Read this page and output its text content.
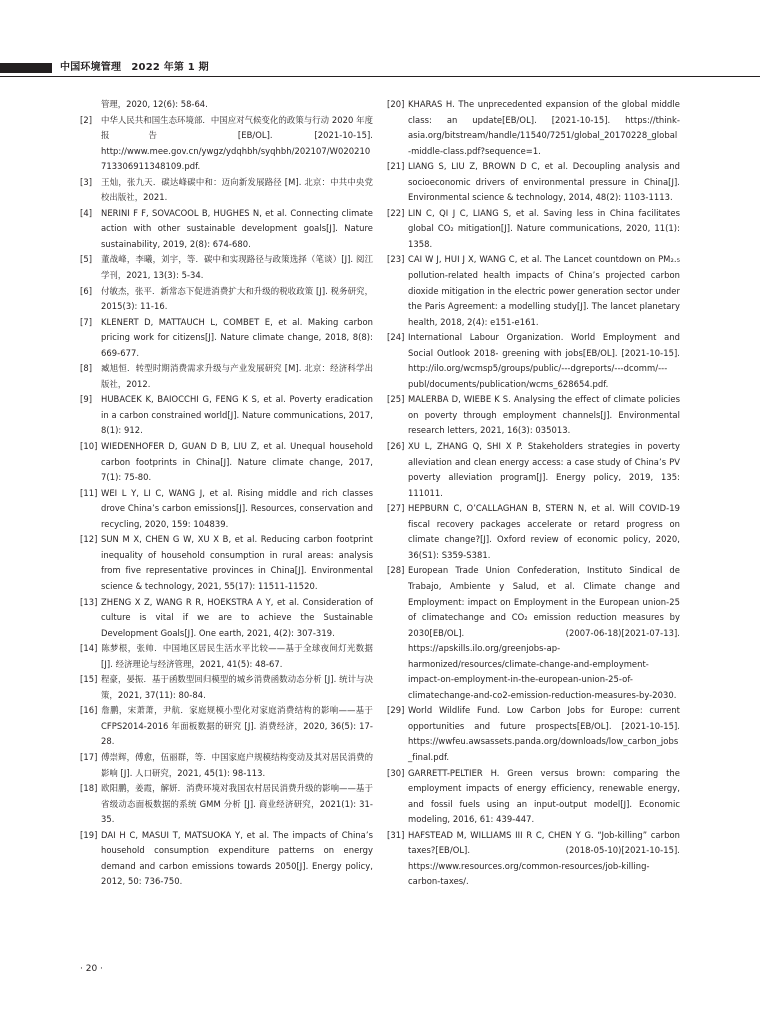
中国环境管理　2022 年第 1 期
管理，2020, 12(6): 58-64.
[2] 中华人民共和国生态环境部．中国应对气候变化的政策与行动 2020 年度报告 [EB/OL]. [2021-10-15]. http://www.mee.gov.cn/ywgz/ydqhbh/syqhbh/202107/W020210713306911348109.pdf.
[3] 王灿，张九天．碳达峰碳中和：迈向新发展路径 [M]. 北京：中共中央党校出版社，2021.
[4] NERINI F F, SOVACOOL B, HUGHES N, et al. Connecting climate action with other sustainable development goals[J]. Nature sustainability, 2019, 2(8): 674-680.
[5] 董战峰，李曦，刘宇，等．碳中和实现路径与政策选择（笔谈）[J]. 阅江学刊，2021, 13(3): 5-34.
[6] 付敏杰，张平．新常态下促进消费扩大和升级的税收政策 [J]. 税务研究，2015(3): 11-16.
[7] KLENERT D, MATTAUCH L, COMBET E, et al. Making carbon pricing work for citizens[J]. Nature climate change, 2018, 8(8): 669-677.
[8] 臧旭恒．转型时期消费需求升级与产业发展研究 [M]. 北京：经济科学出版社，2012.
[9] HUBACEK K, BAIOCCHI G, FENG K S, et al. Poverty eradication in a carbon constrained world[J]. Nature communications, 2017, 8(1): 912.
[10] WIEDENHOFER D, GUAN D B, LIU Z, et al. Unequal household carbon footprints in China[J]. Nature climate change, 2017, 7(1): 75-80.
[11] WEI L Y, LI C, WANG J, et al. Rising middle and rich classes drove China’s carbon emissions[J]. Resources, conservation and recycling, 2020, 159: 104839.
[12] SUN M X, CHEN G W, XU X B, et al. Reducing carbon footprint inequality of household consumption in rural areas: analysis from five representative provinces in China[J]. Environmental science & technology, 2021, 55(17): 11511-11520.
[13] ZHENG X Z, WANG R R, HOEKSTRA A Y, et al. Consideration of culture is vital if we are to achieve the Sustainable Development Goals[J]. One earth, 2021, 4(2): 307-319.
[14] 陈梦根，张帅．中国地区居民生活水平比较——基于全球夜间灯光数据 [J]. 经济理论与经济管理，2021, 41(5): 48-67.
[15] 程豪，晏振．基于函数型回归模型的城乡消费函数动态分析 [J]. 统计与决策，2021, 37(11): 80-84.
[16] 詹鹏，宋萧萧，尹航．家庭规模小型化对家庭消费结构的影响——基于 CFPS2014-2016 年面板数据的研究 [J]. 消费经济，2020, 36(5): 17-28.
[17] 傅崇辉，傅愈，伍丽群，等．中国家庭户规模结构变动及其对居民消费的影响 [J]. 人口研究，2021, 45(1): 98-113.
[18] 欧阳鹏，姜霞，解妍．消费环境对我国农村居民消费升级的影响——基于省级动态面板数据的系统 GMM 分析 [J]. 商业经济研究，2021(1): 31-35.
[19] DAI H C, MASUI T, MATSUOKA Y, et al. The impacts of China’s household consumption expenditure patterns on energy demand and carbon emissions towards 2050[J]. Energy policy, 2012, 50: 736-750.
[20] KHARAS H. The unprecedented expansion of the global middle class: an update[EB/OL]. [2021-10-15]. https://think-asia.org/bitstream/handle/11540/7251/global_20170228_global-middle-class.pdf?sequence=1.
[21] LIANG S, LIU Z, BROWN D C, et al. Decoupling analysis and socioeconomic drivers of environmental pressure in China[J]. Environmental science & technology, 2014, 48(2): 1103-1113.
[22] LIN C, QI J C, LIANG S, et al. Saving less in China facilitates global CO₂ mitigation[J]. Nature communications, 2020, 11(1): 1358.
[23] CAI W J, HUI J X, WANG C, et al. The Lancet countdown on PM₂.₅ pollution-related health impacts of China’s projected carbon dioxide mitigation in the electric power generation sector under the Paris Agreement: a modelling study[J]. The lancet planetary health, 2018, 2(4): e151-e161.
[24] International Labour Organization. World Employment and Social Outlook 2018- greening with jobs[EB/OL]. [2021-10-15]. http://ilo.org/wcmsp5/groups/public/---dgreports/---dcomm/---publ/documents/publication/wcms_628654.pdf.
[25] MALERBA D, WIEBE K S. Analysing the effect of climate policies on poverty through employment channels[J]. Environmental research letters, 2021, 16(3): 035013.
[26] XU L, ZHANG Q, SHI X P. Stakeholders strategies in poverty alleviation and clean energy access: a case study of China’s PV poverty alleviation program[J]. Energy policy, 2019, 135: 111011.
[27] HEPBURN C, O’CALLAGHAN B, STERN N, et al. Will COVID-19 fiscal recovery packages accelerate or retard progress on climate change?[J]. Oxford review of economic policy, 2020, 36(S1): S359-S381.
[28] European Trade Union Confederation, Instituto Sindical de Trabajo, Ambiente y Salud, et al. Climate change and Employment: impact on Employment in the European union-25 of climatechange and CO₂ emission reduction measures by 2030[EB/OL]. (2007-06-18)[2021-07-13]. https://apskills.ilo.org/greenjobs-ap-harmonized/resources/climate-change-and-employment-impact-on-employment-in-the-european-union-25-of-climatechange-and-co2-emission-reduction-measures-by-2030.
[29] World Wildlife Fund. Low Carbon Jobs for Europe: current opportunities and future prospects[EB/OL]. [2021-10-15]. https://wwfeu.awsassets.panda.org/downloads/low_carbon_jobs_final.pdf.
[30] GARRETT-PELTIER H. Green versus brown: comparing the employment impacts of energy efficiency, renewable energy, and fossil fuels using an input-output model[J]. Economic modeling, 2016, 61: 439-447.
[31] HAFSTEAD M, WILLIAMS III R C, CHEN Y G. “Job-killing” carbon taxes?[EB/OL]. (2018-05-10)[2021-10-15]. https://www.resources.org/common-resources/job-killing-carbon-taxes/.
· 20 ·
